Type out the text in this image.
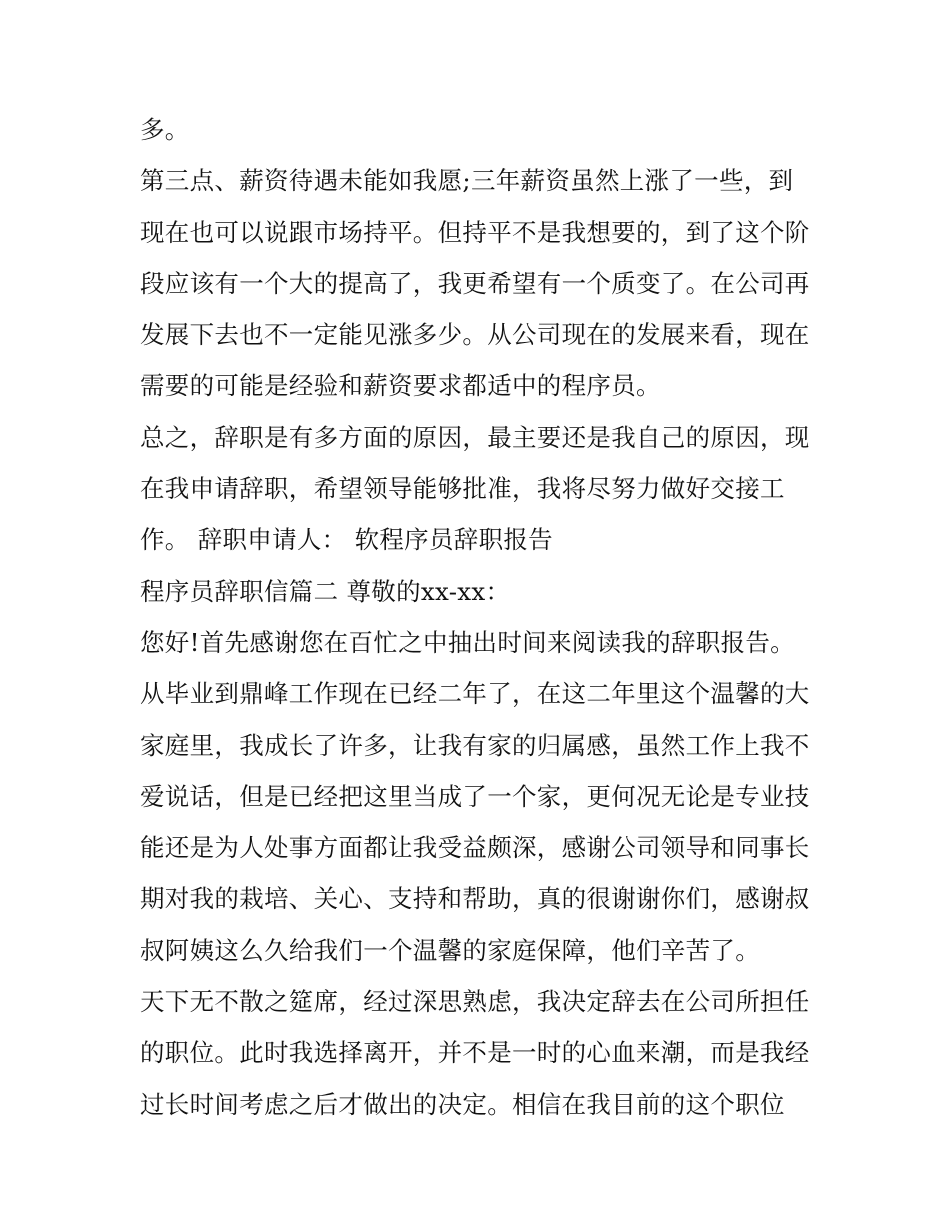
多。
第三点、薪资待遇未能如我愿;三年薪资虽然上涨了一些，到
现在也可以说跟市场持平。但持平不是我想要的，到了这个阶
段应该有一个大的提高了，我更希望有一个质变了。在公司再
发展下去也不一定能见涨多少。从公司现在的发展来看，现在
需要的可能是经验和薪资要求都适中的程序员。
总之，辞职是有多方面的原因，最主要还是我自己的原因，现
在我申请辞职，希望领导能够批准，我将尽努力做好交接工
作。 辞职申请人： 软程序员辞职报告
程序员辞职信篇二 尊敬的xx-xx：
您好!首先感谢您在百忙之中抽出时间来阅读我的辞职报告。
从毕业到鼎峰工作现在已经二年了，在这二年里这个温馨的大
家庭里，我成长了许多，让我有家的归属感，虽然工作上我不
爱说话，但是已经把这里当成了一个家，更何况无论是专业技
能还是为人处事方面都让我受益颇深，感谢公司领导和同事长
期对我的栽培、关心、支持和帮助，真的很谢谢你们，感谢叔
叔阿姨这么久给我们一个温馨的家庭保障，他们辛苦了。
天下无不散之筵席，经过深思熟虑，我决定辞去在公司所担任
的职位。此时我选择离开，并不是一时的心血来潮，而是我经
过长时间考虑之后才做出的决定。相信在我目前的这个职位
